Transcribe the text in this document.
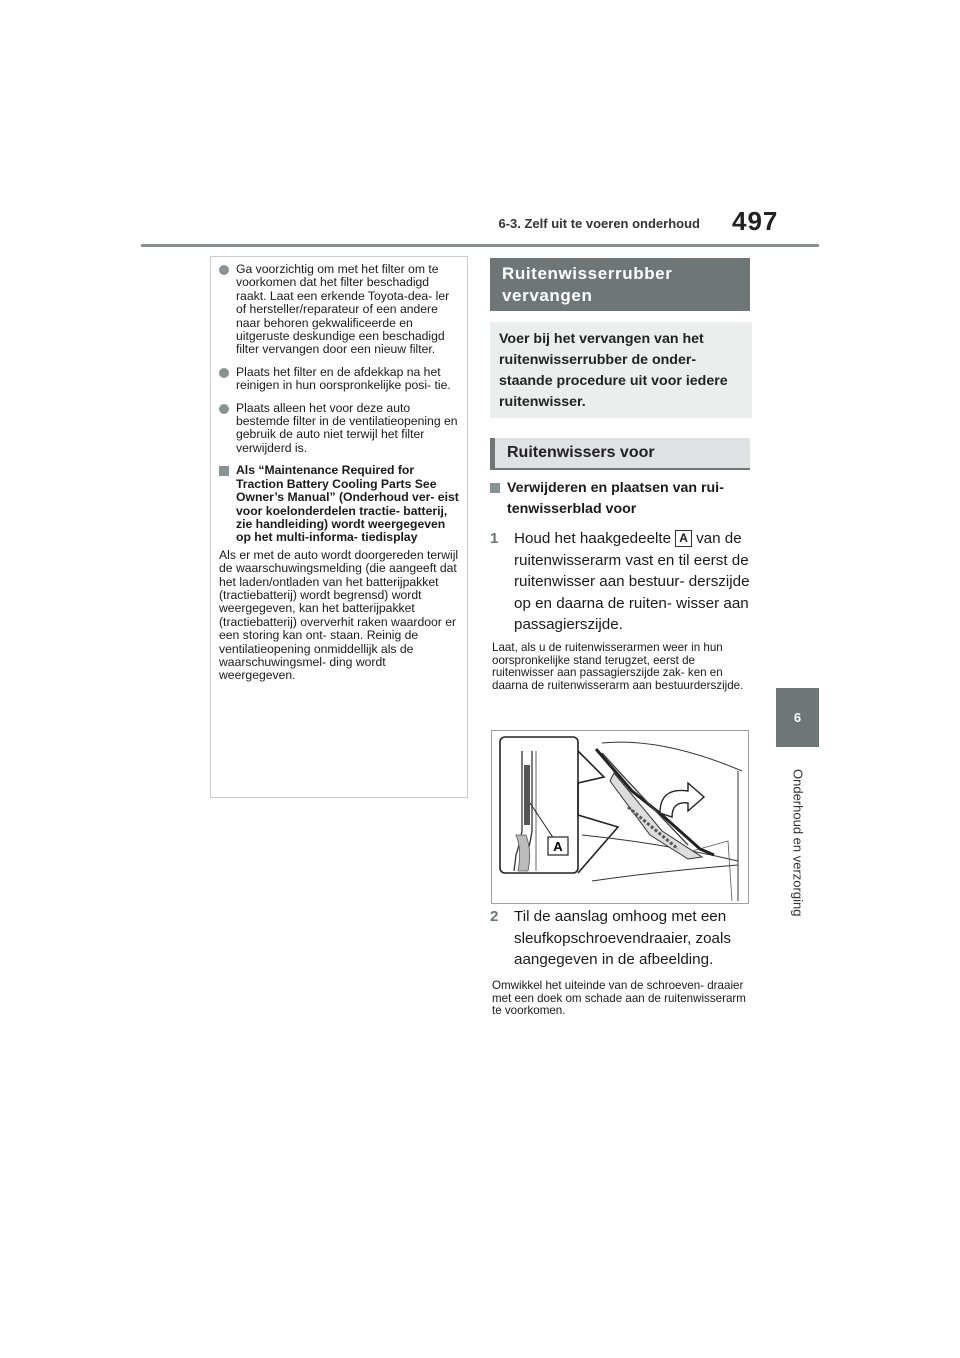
6-3. Zelf uit te voeren onderhoud 497
6
Onderhoud en verzorging
Ga voorzichtig om met het filter om te voorkomen dat het filter beschadigd raakt. Laat een erkende Toyota-dea- ler of hersteller/reparateur of een andere naar behoren gekwalificeerde en uitgeruste deskundige een beschadigd filter vervangen door een nieuw filter.
Plaats het filter en de afdekkap na het reinigen in hun oorspronkelijke posi- tie.
Plaats alleen het voor deze auto bestemde filter in de ventilatieopening en gebruik de auto niet terwijl het filter verwijderd is.
Als “Maintenance Required for Traction Battery Cooling Parts See Owner’s Manual” (Onderhoud ver- eist voor koelonderdelen tractie- batterij, zie handleiding) wordt weergegeven op het multi-informa- tiedisplay
Als er met de auto wordt doorgereden terwijl de waarschuwingsmelding (die aangeeft dat het laden/ontladen van het batterijpakket (tractiebatterij) wordt begrensd) wordt weergegeven, kan het batterijpakket (tractiebatterij) oververhit raken waardoor er een storing kan ont- staan. Reinig de ventilatieopening onmiddellijk als de waarschuwingsmel- ding wordt weergegeven.
Ruitenwisserrubber vervangen
Voer bij het vervangen van het ruitenwisserrubber de onder- staande procedure uit voor iedere ruitenwisser.
Ruitenwissers voor
Verwijderen en plaatsen van rui- tenwisserblad voor
1 Houd het haakgedeelte A van de ruitenwisserarm vast en til eerst de ruitenwisser aan bestuur- derszijde op en daarna de ruiten- wisser aan passagierszijde.
Laat, als u de ruitenwisserarmen weer in hun oorspronkelijke stand terugzet, eerst de ruitenwisser aan passagierszijde zak- ken en daarna de ruitenwisserarm aan bestuurderszijde.
A
2 Til de aanslag omhoog met een sleufkopschroevendraaier, zoals aangegeven in de afbeelding.
Omwikkel het uiteinde van de schroeven- draaier met een doek om schade aan de ruitenwisserarm te voorkomen.
